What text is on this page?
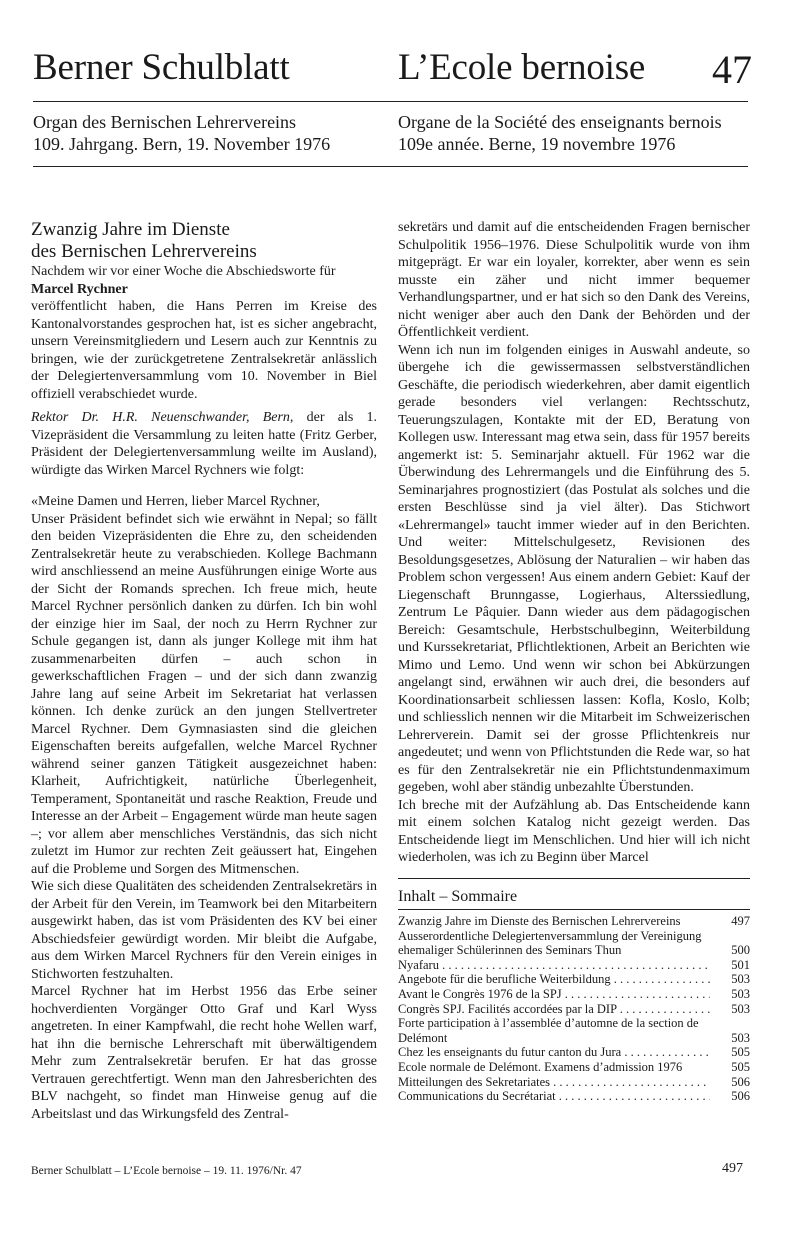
Berner Schulblatt	L’Ecole bernoise 47
Organ des Bernischen Lehrervereins
109. Jahrgang. Bern, 19. November 1976
Organe de la Société des enseignants bernois
109e année. Berne, 19 novembre 1976

Zwanzig Jahre im Dienste

des Bernischen Lehrervereins

Nachdem wir vor einer Woche die Abschiedsworte für

Marcel Rychner

veröffentlicht haben, die Hans Perren im Kreise des Kantonalvorstandes gesprochen hat, ist es sicher angebracht, unsern Vereinsmitgliedern und Lesern auch zur Kenntnis zu bringen, wie der zurückgetretene Zentralsekretär anlässlich der Delegiertenversammlung vom 10. November in Biel offiziell verabschiedet wurde.

Rektor Dr. H.R. Neuenschwander, Bern, der als 1. Vizepräsident die Versammlung zu leiten hatte (Fritz Gerber, Präsident der Delegiertenversammlung weilte im Ausland), würdigte das Wirken Marcel Rychners wie folgt:

«Meine Damen und Herren, lieber Marcel Rychner,

Unser Präsident befindet sich wie erwähnt in Nepal; so fällt den beiden Vizepräsidenten die Ehre zu, den scheidenden Zentralsekretär heute zu verabschieden. Kollege Bachmann wird anschliessend an meine Ausführungen einige Worte aus der Sicht der Romands sprechen. Ich freue mich, heute Marcel Rychner persönlich danken zu dürfen. Ich bin wohl der einzige hier im Saal, der noch zu Herrn Rychner zur Schule gegangen ist, dann als junger Kollege mit ihm hat zusammenarbeiten dürfen – auch schon in gewerkschaftlichen Fragen – und der sich dann zwanzig Jahre lang auf seine Arbeit im Sekretariat hat verlassen können. Ich denke zurück an den jungen Stellvertreter Marcel Rychner. Dem Gymnasiasten sind die gleichen Eigenschaften bereits aufgefallen, welche Marcel Rychner während seiner ganzen Tätigkeit ausgezeichnet haben: Klarheit, Aufrichtigkeit, natürliche Überlegenheit, Temperament, Spontaneität und rasche Reaktion, Freude und Interesse an der Arbeit – Engagement würde man heute sagen –; vor allem aber menschliches Verständnis, das sich nicht zuletzt im Humor zur rechten Zeit geäussert hat, Eingehen auf die Probleme und Sorgen des Mitmenschen.

Wie sich diese Qualitäten des scheidenden Zentralsekretärs in der Arbeit für den Verein, im Teamwork bei den Mitarbeitern ausgewirkt haben, das ist vom Präsidenten des KV bei einer Abschiedsfeier gewürdigt worden. Mir bleibt die Aufgabe, aus dem Wirken Marcel Rychners für den Verein einiges in Stichworten festzuhalten.

Marcel Rychner hat im Herbst 1956 das Erbe seiner hochverdienten Vorgänger Otto Graf und Karl Wyss angetreten. In einer Kampfwahl, die recht hohe Wellen warf, hat ihn die bernische Lehrerschaft mit überwältigendem Mehr zum Zentralsekretär berufen. Er hat das grosse Vertrauen gerechtfertigt. Wenn man den Jahresberichten des BLV nachgeht, so findet man Hinweise genug auf die Arbeitslast und das Wirkungsfeld des Zentral-

sekretärs und damit auf die entscheidenden Fragen bernischer Schulpolitik 1956–1976. Diese Schulpolitik wurde von ihm mitgeprägt. Er war ein loyaler, korrekter, aber wenn es sein musste ein zäher und nicht immer bequemer Verhandlungspartner, und er hat sich so den Dank des Vereins, nicht weniger aber auch den Dank der Behörden und der Öffentlichkeit verdient.

Wenn ich nun im folgenden einiges in Auswahl andeute, so übergehe ich die gewissermassen selbstverständlichen Geschäfte, die periodisch wiederkehren, aber damit eigentlich gerade besonders viel verlangen: Rechtsschutz, Teuerungszulagen, Kontakte mit der ED, Beratung von Kollegen usw. Interessant mag etwa sein, dass für 1957 bereits angemerkt ist: 5. Seminarjahr aktuell. Für 1962 war die Überwindung des Lehrermangels und die Einführung des 5. Seminarjahres prognostiziert (das Postulat als solches und die ersten Beschlüsse sind ja viel älter). Das Stichwort «Lehrermangel» taucht immer wieder auf in den Berichten. Und weiter: Mittelschulgesetz, Revisionen des Besoldungsgesetzes, Ablösung der Naturalien – wir haben das Problem schon vergessen! Aus einem andern Gebiet: Kauf der Liegenschaft Brunngasse, Logierhaus, Alterssiedlung, Zentrum Le Pâquier. Dann wieder aus dem pädagogischen Bereich: Gesamtschule, Herbstschulbeginn, Weiterbildung und Kurssekretariat, Pflichtlektionen, Arbeit an Berichten wie Mimo und Lemo. Und wenn wir schon bei Abkürzungen angelangt sind, erwähnen wir auch drei, die besonders auf Koordinationsarbeit schliessen lassen: Kofla, Koslo, Kolb; und schliesslich nennen wir die Mitarbeit im Schweizerischen Lehrerverein. Damit sei der grosse Pflichtenkreis nur angedeutet; und wenn von Pflichtstunden die Rede war, so hat es für den Zentralsekretär nie ein Pflichtstundenmaximum gegeben, wohl aber ständig unbezahlte Überstunden.

Ich breche mit der Aufzählung ab. Das Entscheidende kann mit einem solchen Katalog nicht gezeigt werden. Das Entscheidende liegt im Menschlichen. Und hier will ich nicht wiederholen, was ich zu Beginn über Marcel

Inhalt – Sommaire
Zwanzig Jahre im Dienste des Bernischen Lehrervereins	497
Ausserordentliche Delegiertenversammlung der Vereinigung ehemaliger Schülerinnen des Seminars Thun	500
Nyafaru . . .	501
Angebote für die berufliche Weiterbildung . . .	503
Avant le Congrès 1976 de la SPJ . . .	503
Congrès SPJ. Facilités accordées par la DIP . . .	503
Forte participation à l’assemblée d’automne de la section de Delémont	503
Chez les enseignants du futur canton du Jura . . .	505
Ecole normale de Delémont. Examens d’admission 1976	505
Mitteilungen des Sekretariates . . .	506
Communications du Secrétariat . . .	506
Berner Schulblatt – L’Ecole bernoise – 19. 11. 1976/Nr. 47	497
